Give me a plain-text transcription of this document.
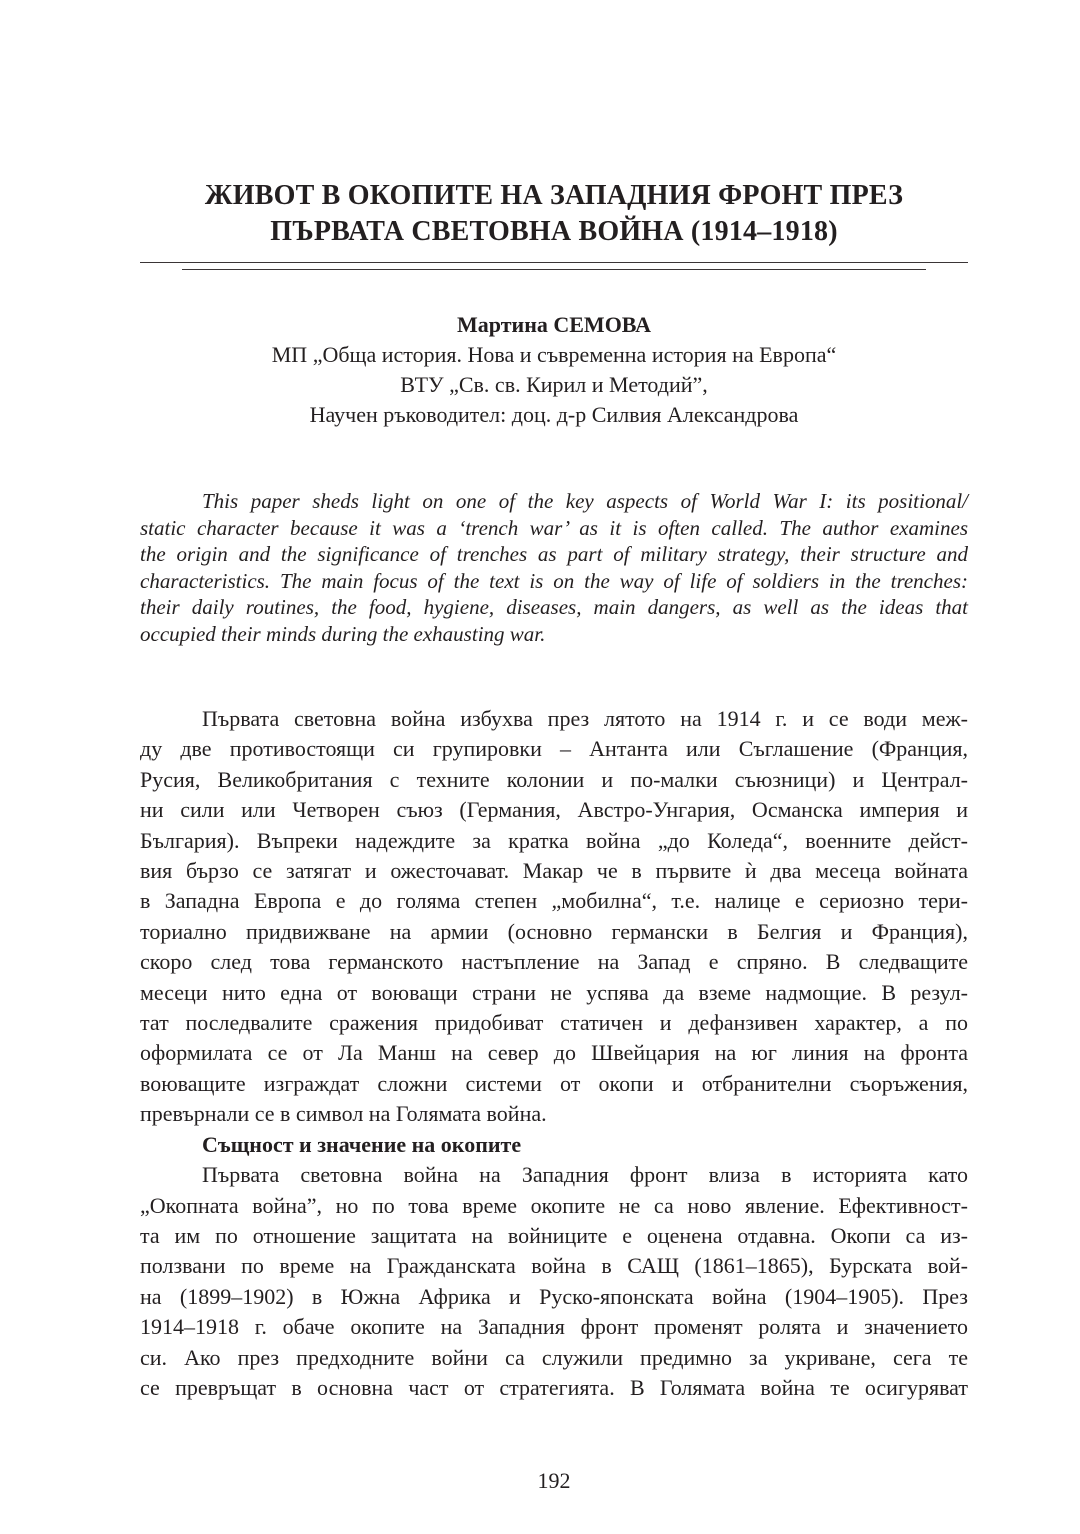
ЖИВОТ В ОКОПИТЕ НА ЗАПАДНИЯ ФРОНТ ПРЕЗ
ПЪРВАТА СВЕТОВНА ВОЙНА (1914–1918)
Мартина СЕМОВА
МП „Обща история. Нова и съвременна история на Европа“
ВТУ „Св. св. Кирил и Методий”,
Научен ръководител: доц. д-р Силвия Александрова
This paper sheds light on one of the key aspects of World War I: its positional/
static character because it was a ‘trench war’ as it is often called. The author examines
the origin and the significance of trenches as part of military strategy, their structure and
characteristics. The main focus of the text is on the way of life of soldiers in the trenches:
their daily routines, the food, hygiene, diseases, main dangers, as well as the ideas that
occupied their minds during the exhausting war.
Първата световна война избухва през лятото на 1914 г. и се води меж-
ду две противостоящи си групировки – Антанта или Съглашение (Франция,
Русия, Великобритания с техните колонии и по-малки съюзници) и Централ-
ни сили или Четворен съюз (Германия, Австро-Унгария, Османска империя и
България). Въпреки надеждите за кратка война „до Коледа“, военните дейст-
вия бързо се затягат и ожесточават. Макар че в първите ѝ два месеца войната
в Западна Европа е до голяма степен „мобилна“, т.е. налице е сериозно тери-
ториално придвижване на армии (основно германски в Белгия и Франция),
скоро след това германското настъпление на Запад е спряно. В следващите
месеци нито една от воюващи страни не успява да вземе надмощие. В резул-
тат последвалите сражения придобиват статичен и дефанзивен характер, а по
оформилата се от Ла Манш на север до Швейцария на юг линия на фронта
воюващите изграждат сложни системи от окопи и отбранителни съоръжения,
превърнали се в символ на Голямата война.
Същност и значение на окопите
Първата световна война на Западния фронт влиза в историята като
„Окопната война”, но по това време окопите не са ново явление. Ефективност-
та им по отношение защитата на войниците е оценена отдавна. Окопи са из-
ползвани по време на Гражданската война в САЩ (1861–1865), Бурската вой-
на (1899–1902) в Южна Африка и Руско-японската война (1904–1905). През
1914–1918 г. обаче окопите на Западния фронт променят ролята и значението
си. Ако през предходните войни са служили предимно за укриване, сега те
се превръщат в основна част от стратегията. В Голямата война те осигуряват
192
